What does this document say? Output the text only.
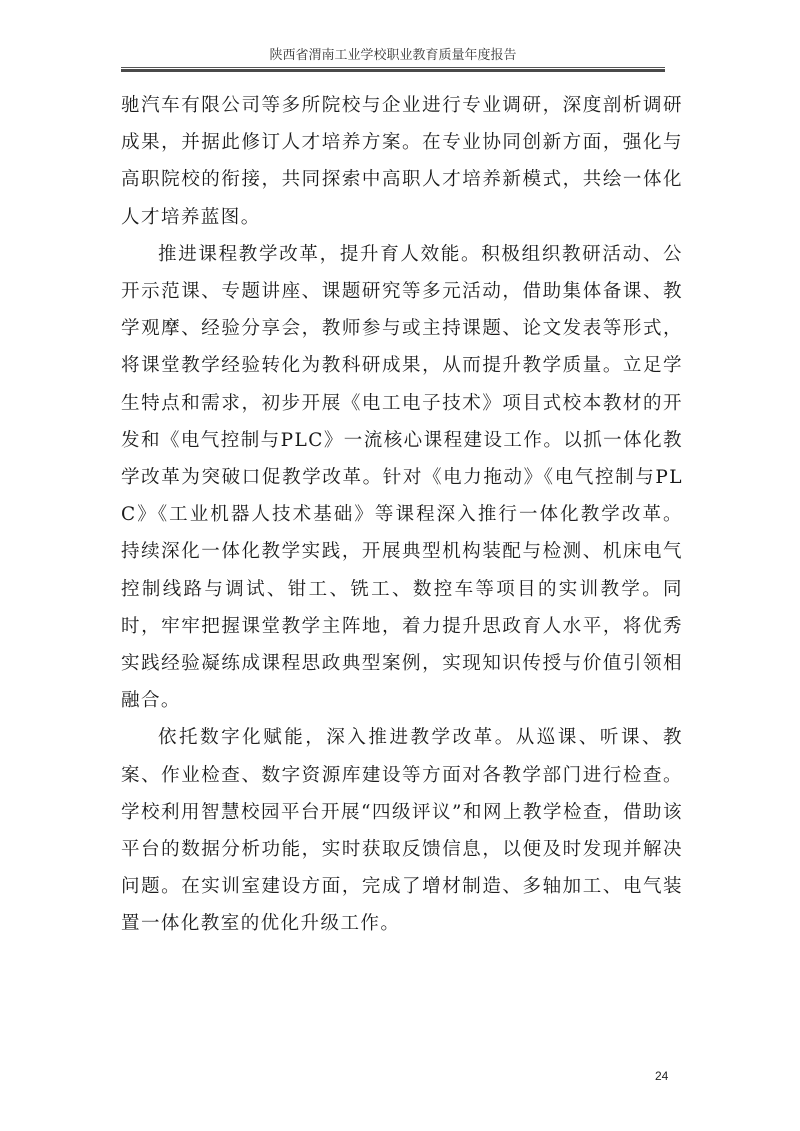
陕西省渭南工业学校职业教育质量年度报告

驰汽车有限公司等多所院校与企业进行专业调研，深度剖析调研成果，并据此修订人才培养方案。在专业协同创新方面，强化与高职院校的衔接，共同探索中高职人才培养新模式，共绘一体化人才培养蓝图。

推进课程教学改革，提升育人效能。积极组织教研活动、公开示范课、专题讲座、课题研究等多元活动，借助集体备课、教学观摩、经验分享会，教师参与或主持课题、论文发表等形式，将课堂教学经验转化为教科研成果，从而提升教学质量。立足学生特点和需求，初步开展《电工电子技术》项目式校本教材的开发和《电气控制与PLC》一流核心课程建设工作。以抓一体化教学改革为突破口促教学改革。针对《电力拖动》《电气控制与PLC》《工业机器人技术基础》等课程深入推行一体化教学改革。持续深化一体化教学实践，开展典型机构装配与检测、机床电气控制线路与调试、钳工、铣工、数控车等项目的实训教学。同时，牢牢把握课堂教学主阵地，着力提升思政育人水平，将优秀实践经验凝练成课程思政典型案例，实现知识传授与价值引领相融合。

依托数字化赋能，深入推进教学改革。从巡课、听课、教案、作业检查、数字资源库建设等方面对各教学部门进行检查。学校利用智慧校园平台开展“四级评议”和网上教学检查，借助该平台的数据分析功能，实时获取反馈信息，以便及时发现并解决问题。在实训室建设方面，完成了增材制造、多轴加工、电气装置一体化教室的优化升级工作。

24
